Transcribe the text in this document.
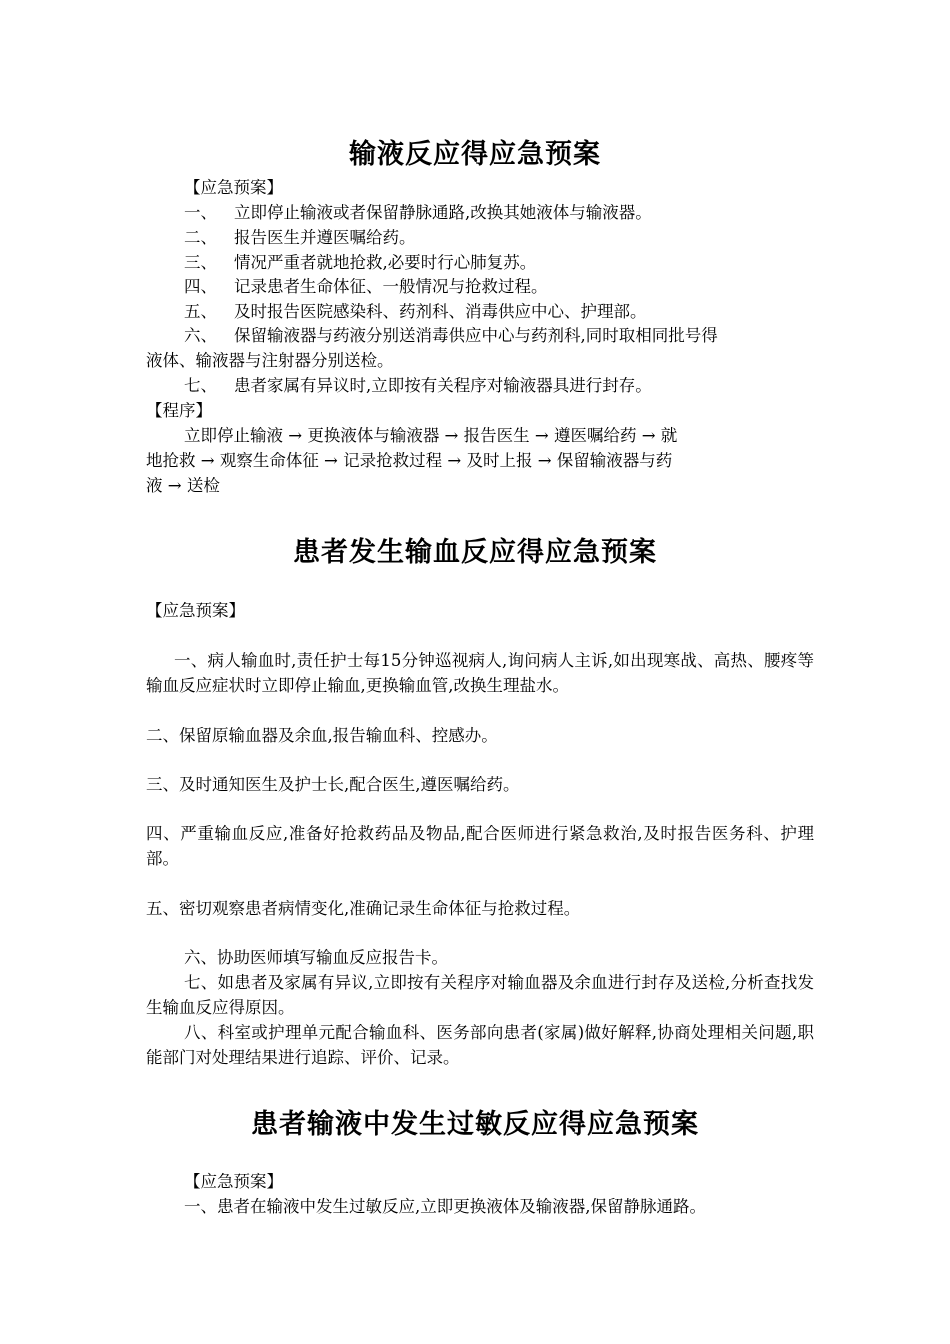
输液反应得应急预案

【应急预案】

一、 立即停止输液或者保留静脉通路,改换其她液体与输液器。

二、 报告医生并遵医嘱给药。

三、 情况严重者就地抢救,必要时行心肺复苏。

四、 记录患者生命体征、一般情况与抢救过程。

五、 及时报告医院感染科、药剂科、消毒供应中心、护理部。

六、 保留输液器与药液分别送消毒供应中心与药剂科,同时取相同批号得

液体、输液器与注射器分别送检。

七、 患者家属有异议时,立即按有关程序对输液器具进行封存。

【程序】

立即停止输液 → 更换液体与输液器 → 报告医生 → 遵医嘱给药 → 就

地抢救 → 观察生命体征 → 记录抢救过程 → 及时上报 → 保留输液器与药

液 → 送检

患者发生输血反应得应急预案

【应急预案】

一、病人输血时,责任护士每15分钟巡视病人,询问病人主诉,如出现寒战、高热、腰疼等输血反应症状时立即停止输血,更换输血管,改换生理盐水。

二、保留原输血器及余血,报告输血科、控感办。

三、及时通知医生及护士长,配合医生,遵医嘱给药。

四、严重输血反应,准备好抢救药品及物品,配合医师进行紧急救治,及时报告医务科、护理部。

五、密切观察患者病情变化,准确记录生命体征与抢救过程。

六、协助医师填写输血反应报告卡。

七、如患者及家属有异议,立即按有关程序对输血器及余血进行封存及送检,分析查找发生输血反应得原因。

八、科室或护理单元配合输血科、医务部向患者(家属)做好解释,协商处理相关问题,职能部门对处理结果进行追踪、评价、记录。

患者输液中发生过敏反应得应急预案

【应急预案】

一、患者在输液中发生过敏反应,立即更换液体及输液器,保留静脉通路。
